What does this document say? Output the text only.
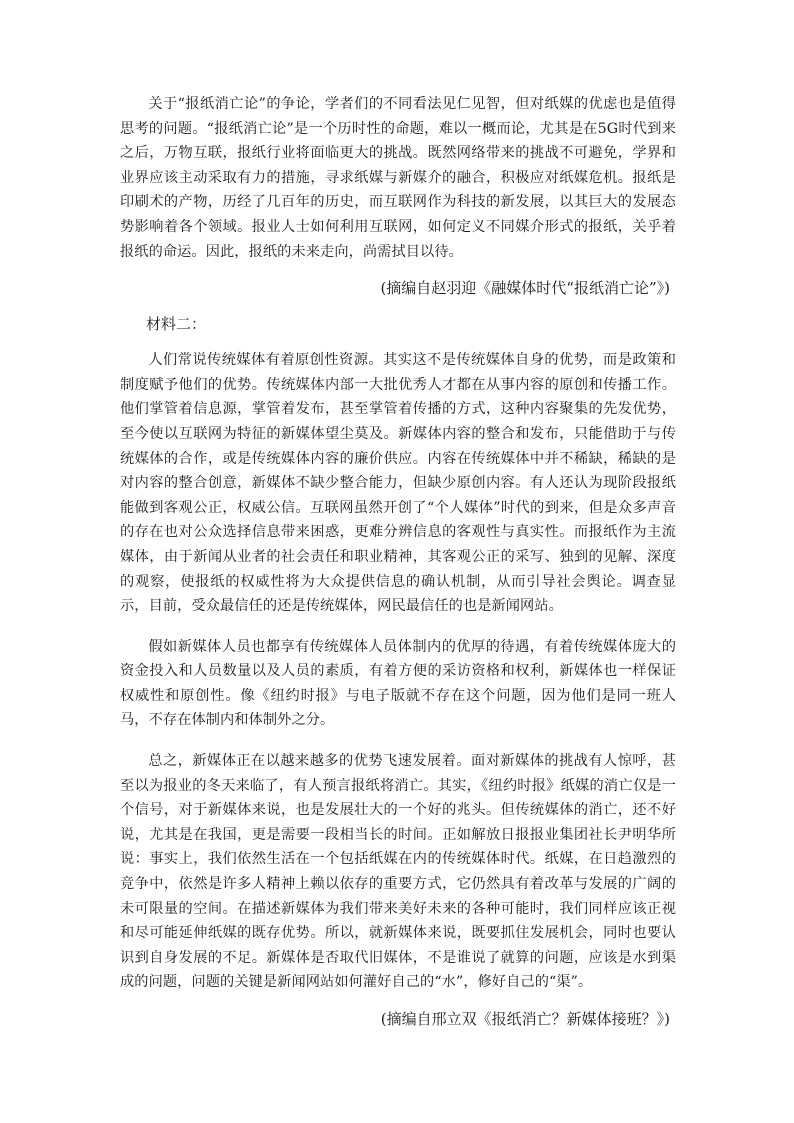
关于“报纸消亡论”的争论，学者们的不同看法见仁见智，但对纸媒的优虑也是值得思考的问题。“报纸消亡论”是一个历时性的命题，难以一概而论，尤其是在5G时代到来之后，万物互联，报纸行业将面临更大的挑战。既然网络带来的挑战不可避免，学界和业界应该主动采取有力的措施，寻求纸媒与新媒介的融合，积极应对纸媒危机。报纸是印刷术的产物，历经了几百年的历史，而互联网作为科技的新发展，以其巨大的发展态势影响着各个领域。报业人士如何利用互联网，如何定义不同媒介形式的报纸，关乎着报纸的命运。因此，报纸的未来走向，尚需拭目以待。

(摘编自赵羽迎《融媒体时代“报纸消亡论”》)

材料二：

人们常说传统媒体有着原创性资源。其实这不是传统媒体自身的优势，而是政策和制度赋予他们的优势。传统媒体内部一大批优秀人才都在从事内容的原创和传播工作。他们掌管着信息源，掌管着发布，甚至掌管着传播的方式，这种内容聚集的先发优势，至今使以互联网为特征的新媒体望尘莫及。新媒体内容的整合和发布，只能借助于与传统媒体的合作，或是传统媒体内容的廉价供应。内容在传统媒体中并不稀缺，稀缺的是对内容的整合创意，新媒体不缺少整合能力，但缺少原创内容。有人还认为现阶段报纸能做到客观公正，权威公信。互联网虽然开创了“个人媒体”时代的到来，但是众多声音的存在也对公众选择信息带来困惑，更难分辨信息的客观性与真实性。而报纸作为主流媒体，由于新闻从业者的社会责任和职业精神，其客观公正的采写、独到的见解、深度的观察，使报纸的权威性将为大众提供信息的确认机制，从而引导社会舆论。调查显示，目前，受众最信任的还是传统媒体，网民最信任的也是新闻网站。

假如新媒体人员也都享有传统媒体人员体制内的优厚的待遇，有着传统媒体庞大的资金投入和人员数量以及人员的素质，有着方便的采访资格和权利，新媒体也一样保证权威性和原创性。像《纽约时报》与电子版就不存在这个问题，因为他们是同一班人马，不存在体制内和体制外之分。

总之，新媒体正在以越来越多的优势飞速发展着。面对新媒体的挑战有人惊呼，甚至以为报业的冬天来临了，有人预言报纸将消亡。其实，《纽约时报》纸媒的消亡仅是一个信号，对于新媒体来说，也是发展壮大的一个好的兆头。但传统媒体的消亡，还不好说，尤其是在我国，更是需要一段相当长的时间。正如解放日报报业集团社长尹明华所说：事实上，我们依然生活在一个包括纸媒在内的传统媒体时代。纸媒，在日趋激烈的竞争中，依然是许多人精神上赖以依存的重要方式，它仍然具有着改革与发展的广阔的未可限量的空间。在描述新媒体为我们带来美好未来的各种可能时，我们同样应该正视和尽可能延伸纸媒的既存优势。所以，就新媒体来说，既要抓住发展机会，同时也要认识到自身发展的不足。新媒体是否取代旧媒体，不是谁说了就算的问题，应该是水到渠成的问题，问题的关键是新闻网站如何灌好自己的“水”，修好自己的“渠”。

(摘编自邢立双《报纸消亡？新媒体接班？》)
